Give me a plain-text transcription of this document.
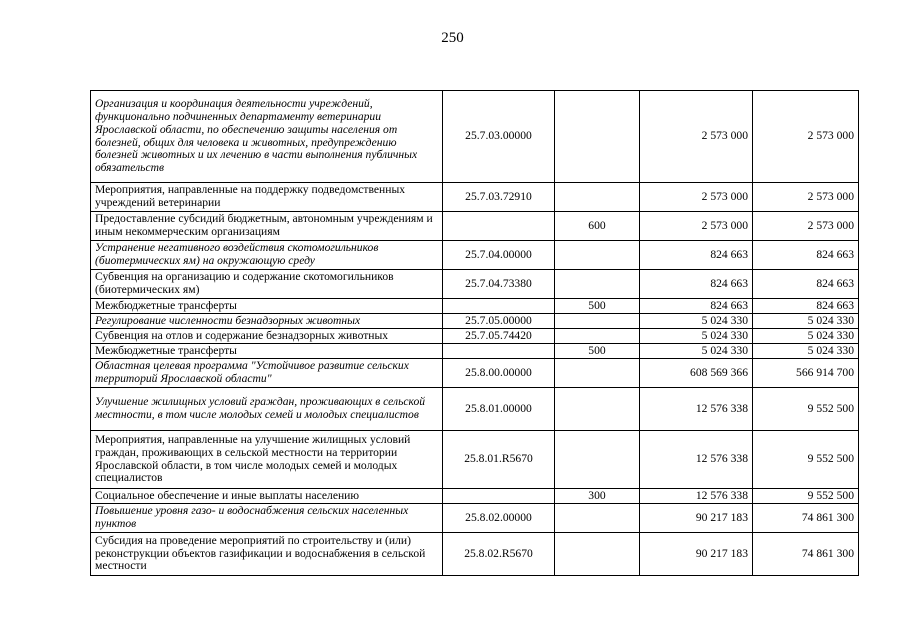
250
Организация и координация деятельности учреждений, функционально подчиненных департаменту ветеринарии Ярославской области, по обеспечению защиты населения от болезней, общих для человека и животных, предупреждению болезней животных и их лечению в части выполнения публичных обязательств	25.7.03.00000		2 573 000	2 573 000
Мероприятия, направленные на поддержку подведомственных учреждений ветеринарии	25.7.03.72910		2 573 000	2 573 000
Предоставление субсидий бюджетным, автономным учреждениям и иным некоммерческим организациям		600	2 573 000	2 573 000
Устранение негативного воздействия скотомогильников (биотермических ям) на окружающую среду	25.7.04.00000		824 663	824 663
Субвенция на организацию и содержание скотомогильников (биотермических ям)	25.7.04.73380		824 663	824 663
Межбюджетные трансферты		500	824 663	824 663
Регулирование численности безнадзорных животных	25.7.05.00000		5 024 330	5 024 330
Субвенция на отлов и содержание безнадзорных животных	25.7.05.74420		5 024 330	5 024 330
Межбюджетные трансферты		500	5 024 330	5 024 330
Областная целевая программа "Устойчивое развитие сельских территорий Ярославской области"	25.8.00.00000		608 569 366	566 914 700
Улучшение жилищных условий граждан, проживающих в сельской местности, в том числе молодых семей и молодых специалистов	25.8.01.00000		12 576 338	9 552 500
Мероприятия, направленные на улучшение жилищных условий граждан, проживающих в сельской местности на территории Ярославской области, в том числе молодых семей и молодых специалистов	25.8.01.R5670		12 576 338	9 552 500
Социальное обеспечение и иные выплаты населению		300	12 576 338	9 552 500
Повышение уровня газо- и водоснабжения сельских населенных пунктов	25.8.02.00000		90 217 183	74 861 300
Субсидия на проведение мероприятий по строительству и (или) реконструкции объектов газификации и водоснабжения в сельской местности	25.8.02.R5670		90 217 183	74 861 300
